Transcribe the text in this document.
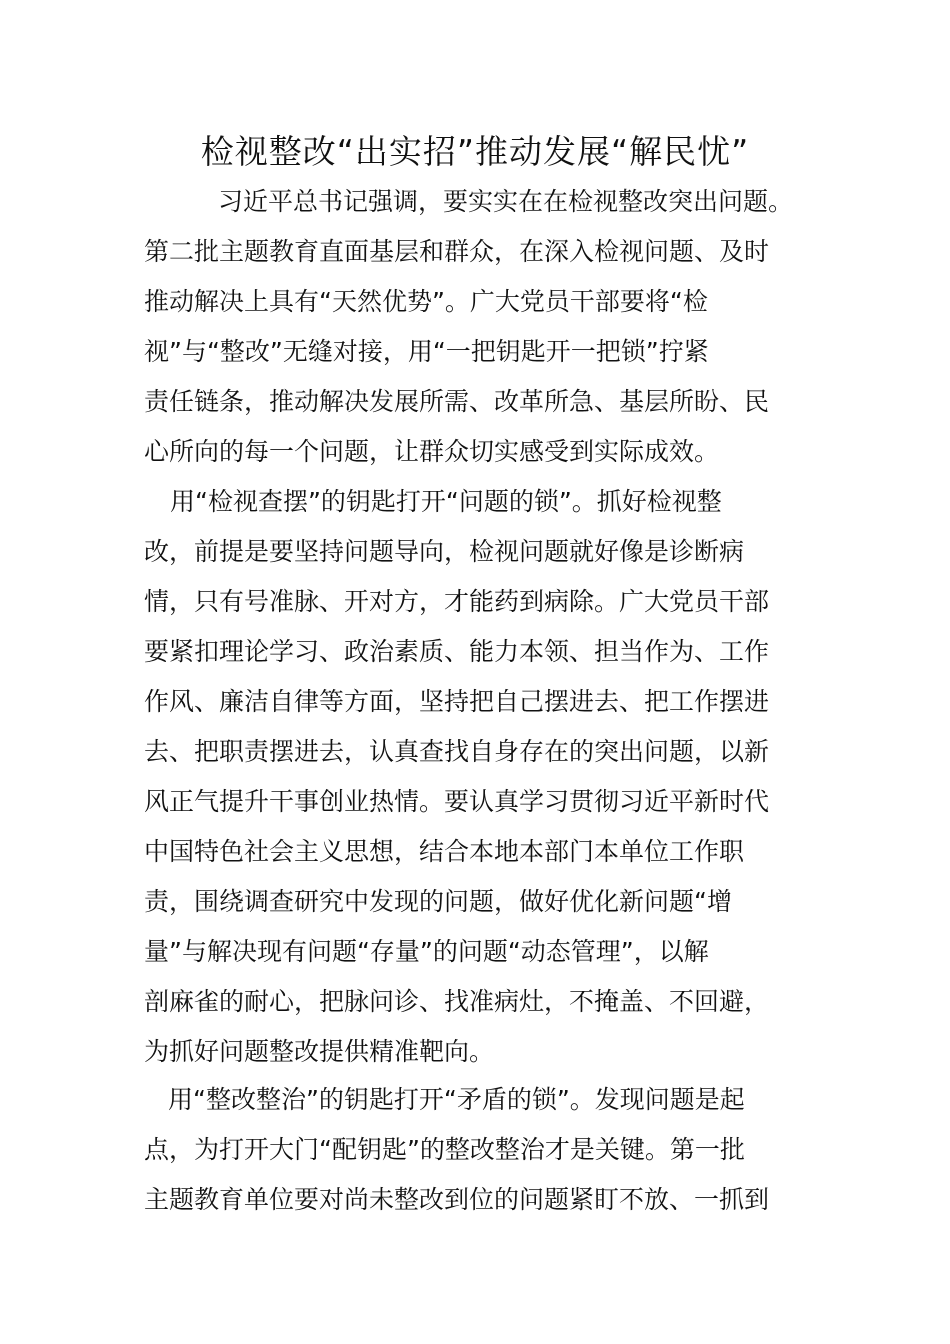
检视整改“出实招”推动发展“解民忧”
习近平总书记强调，要实实在在检视整改突出问题。
第二批主题教育直面基层和群众，在深入检视问题、及时
推动解决上具有“天然优势”。广大党员干部要将“检
视”与“整改”无缝对接，用“一把钥匙开一把锁”拧紧
责任链条，推动解决发展所需、改革所急、基层所盼、民
心所向的每一个问题，让群众切实感受到实际成效。
用“检视查摆”的钥匙打开“问题的锁”。抓好检视整
改，前提是要坚持问题导向，检视问题就好像是诊断病
情，只有号准脉、开对方，才能药到病除。广大党员干部
要紧扣理论学习、政治素质、能力本领、担当作为、工作
作风、廉洁自律等方面，坚持把自己摆进去、把工作摆进
去、把职责摆进去，认真查找自身存在的突出问题，以新
风正气提升干事创业热情。要认真学习贯彻习近平新时代
中国特色社会主义思想，结合本地本部门本单位工作职
责，围绕调查研究中发现的问题，做好优化新问题“增
量”与解决现有问题“存量”的问题“动态管理”，以解
剖麻雀的耐心，把脉问诊、找准病灶，不掩盖、不回避，
为抓好问题整改提供精准靶向。
用“整改整治”的钥匙打开“矛盾的锁”。发现问题是起
点，为打开大门“配钥匙”的整改整治才是关键。第一批
主题教育单位要对尚未整改到位的问题紧盯不放、一抓到
